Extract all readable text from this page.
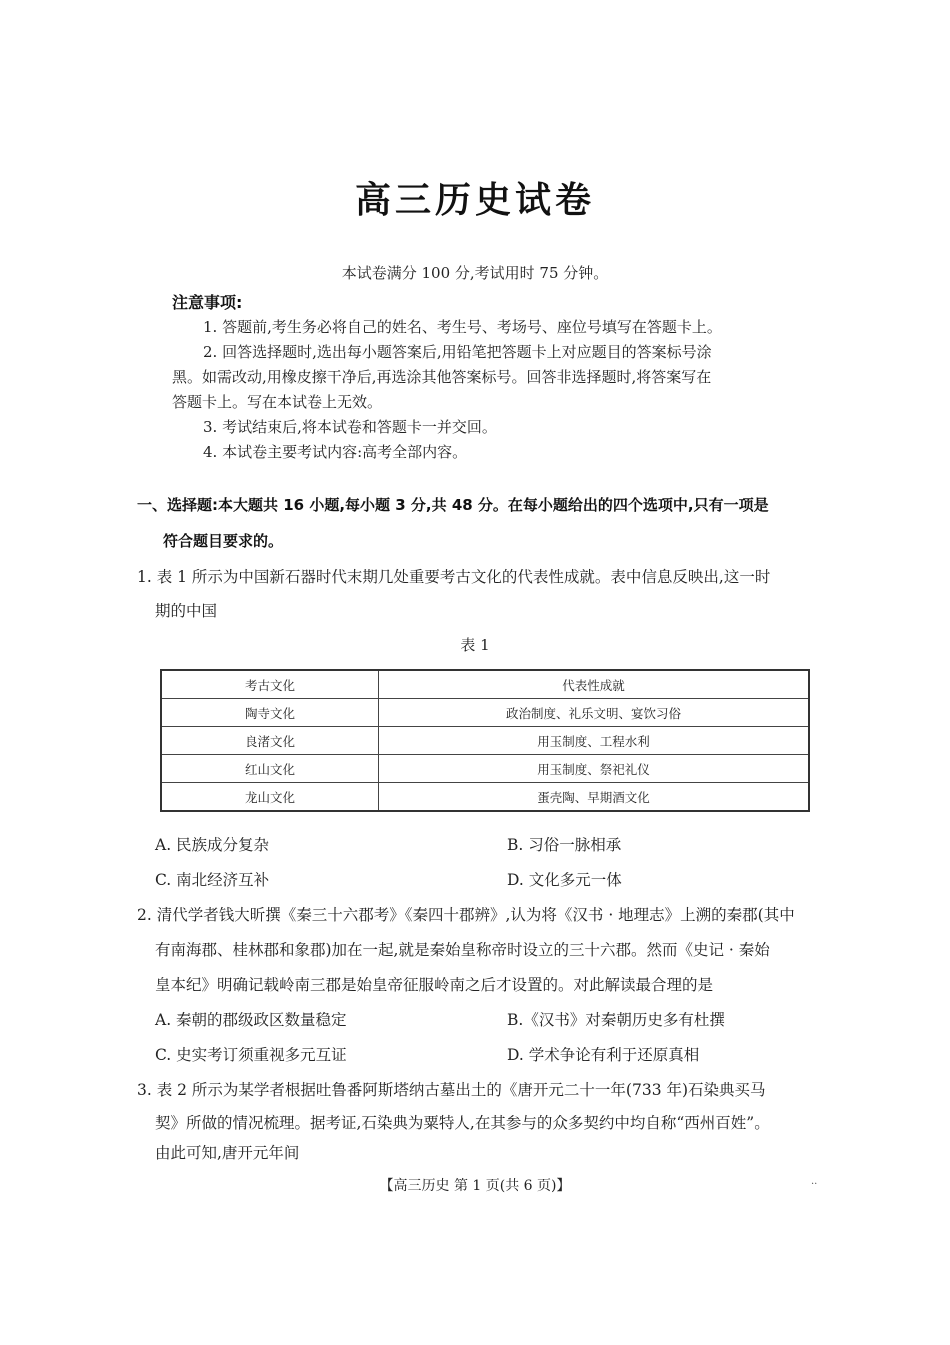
高三历史试卷
本试卷满分 100 分,考试用时 75 分钟。
注意事项:
1. 答题前,考生务必将自己的姓名、考生号、考场号、座位号填写在答题卡上。
2. 回答选择题时,选出每小题答案后,用铅笔把答题卡上对应题目的答案标号涂
黑。如需改动,用橡皮擦干净后,再选涂其他答案标号。回答非选择题时,将答案写在
答题卡上。写在本试卷上无效。
3. 考试结束后,将本试卷和答题卡一并交回。
4. 本试卷主要考试内容:高考全部内容。
一、选择题:本大题共 16 小题,每小题 3 分,共 48 分。在每小题给出的四个选项中,只有一项是
符合题目要求的。
1. 表 1 所示为中国新石器时代末期几处重要考古文化的代表性成就。表中信息反映出,这一时
期的中国
表 1
考古文化	代表性成就
陶寺文化	政治制度、礼乐文明、宴饮习俗
良渚文化	用玉制度、工程水利
红山文化	用玉制度、祭祀礼仪
龙山文化	蛋壳陶、早期酒文化
A. 民族成分复杂	B. 习俗一脉相承
C. 南北经济互补	D. 文化多元一体
2. 清代学者钱大昕撰《秦三十六郡考》《秦四十郡辨》,认为将《汉书 · 地理志》上溯的秦郡(其中
有南海郡、桂林郡和象郡)加在一起,就是秦始皇称帝时设立的三十六郡。然而《史记 · 秦始
皇本纪》明确记载岭南三郡是始皇帝征服岭南之后才设置的。对此解读最合理的是
A. 秦朝的郡级政区数量稳定	B.《汉书》对秦朝历史多有杜撰
C. 史实考订须重视多元互证	D. 学术争论有利于还原真相
3. 表 2 所示为某学者根据吐鲁番阿斯塔纳古墓出土的《唐开元二十一年(733 年)石染典买马
契》所做的情况梳理。据考证,石染典为粟特人,在其参与的众多契约中均自称“西州百姓”。
由此可知,唐开元年间
【高三历史 第 1 页(共 6 页)】	..
